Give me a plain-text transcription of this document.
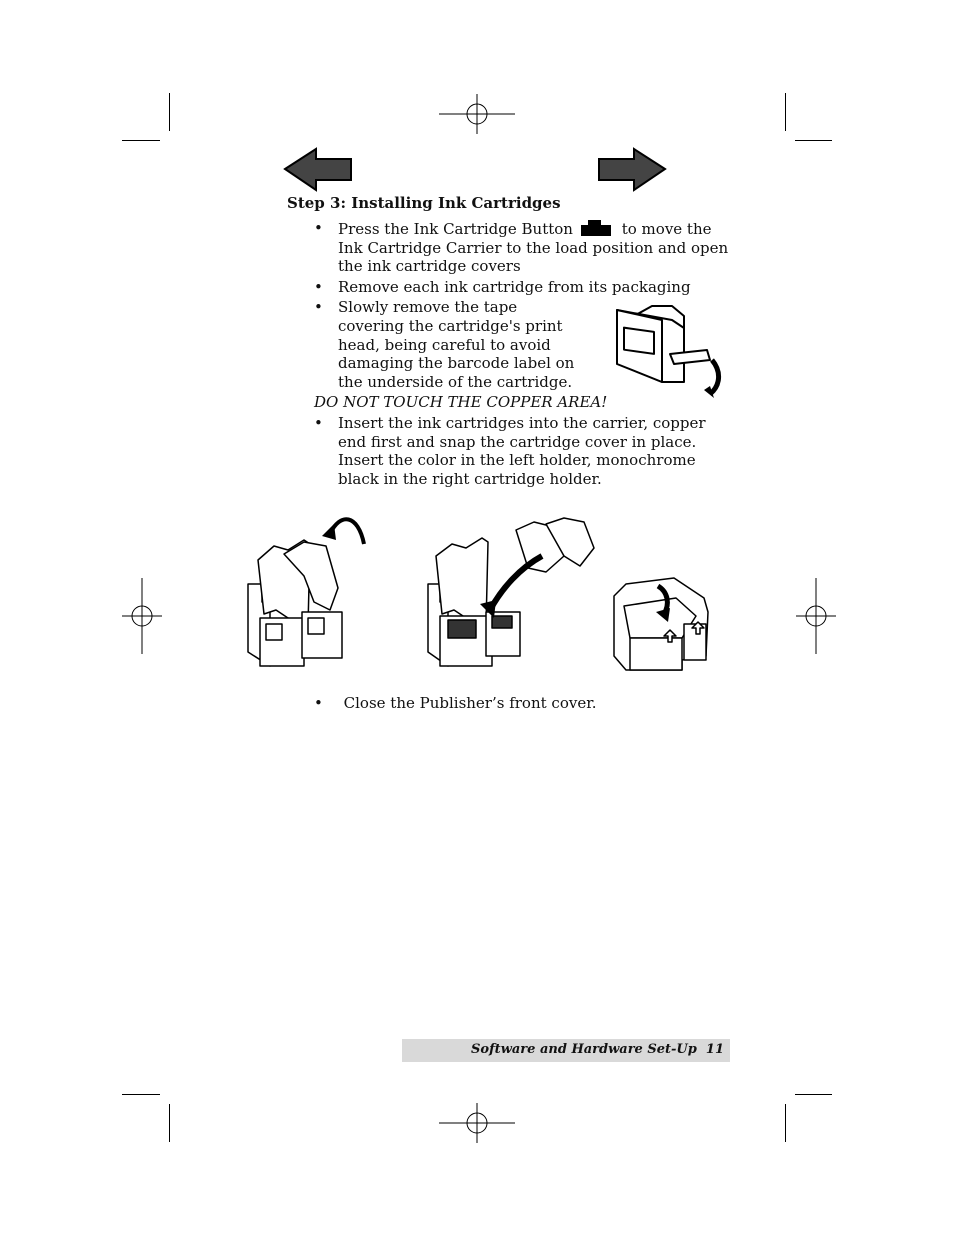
Step 3: Installing Ink Cartridges
• Press the Ink Cartridge Button	to move the Ink Cartridge Carrier to the load position and open the ink cartridge covers
• Remove each ink cartridge from its packaging
• Slowly remove the tape covering the cartridge's print head, being careful to avoid damaging the barcode label on the underside of the cartridge.
DO NOT TOUCH THE COPPER AREA!
• Insert the ink cartridges into the carrier, copper end first and snap the cartridge cover in place. Insert the color in the left holder, monochrome black in the right cartridge holder.
• Close the Publisher’s front cover.
Software and Hardware Set-Up 11
